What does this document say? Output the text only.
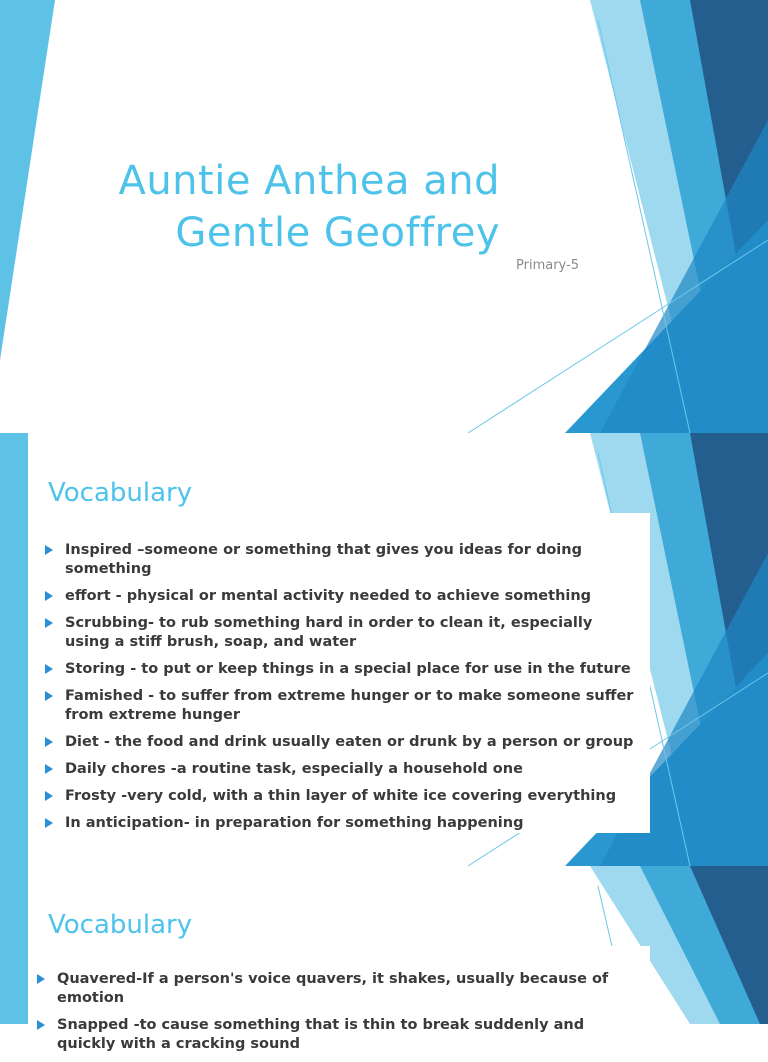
Auntie Anthea and
Gentle Geoffrey
Primary-5
Vocabulary
Inspired –someone or something that gives you ideas for doing something
effort - physical or mental activity needed to achieve something
Scrubbing- to rub something hard in order to clean it, especially using a stiff brush, soap, and water
Storing - to put or keep things in a special place for use in the future
Famished - to suffer from extreme hunger or to make someone suffer from extreme hunger
Diet - the food and drink usually eaten or drunk by a person or group
Daily chores -a routine task, especially a household one
Frosty -very cold, with a thin layer of white ice covering everything
In anticipation- in preparation for something happening
Vocabulary
Quavered-If a person's voice quavers, it shakes, usually because of emotion
Snapped -to cause something that is thin to break suddenly and quickly with a cracking sound
